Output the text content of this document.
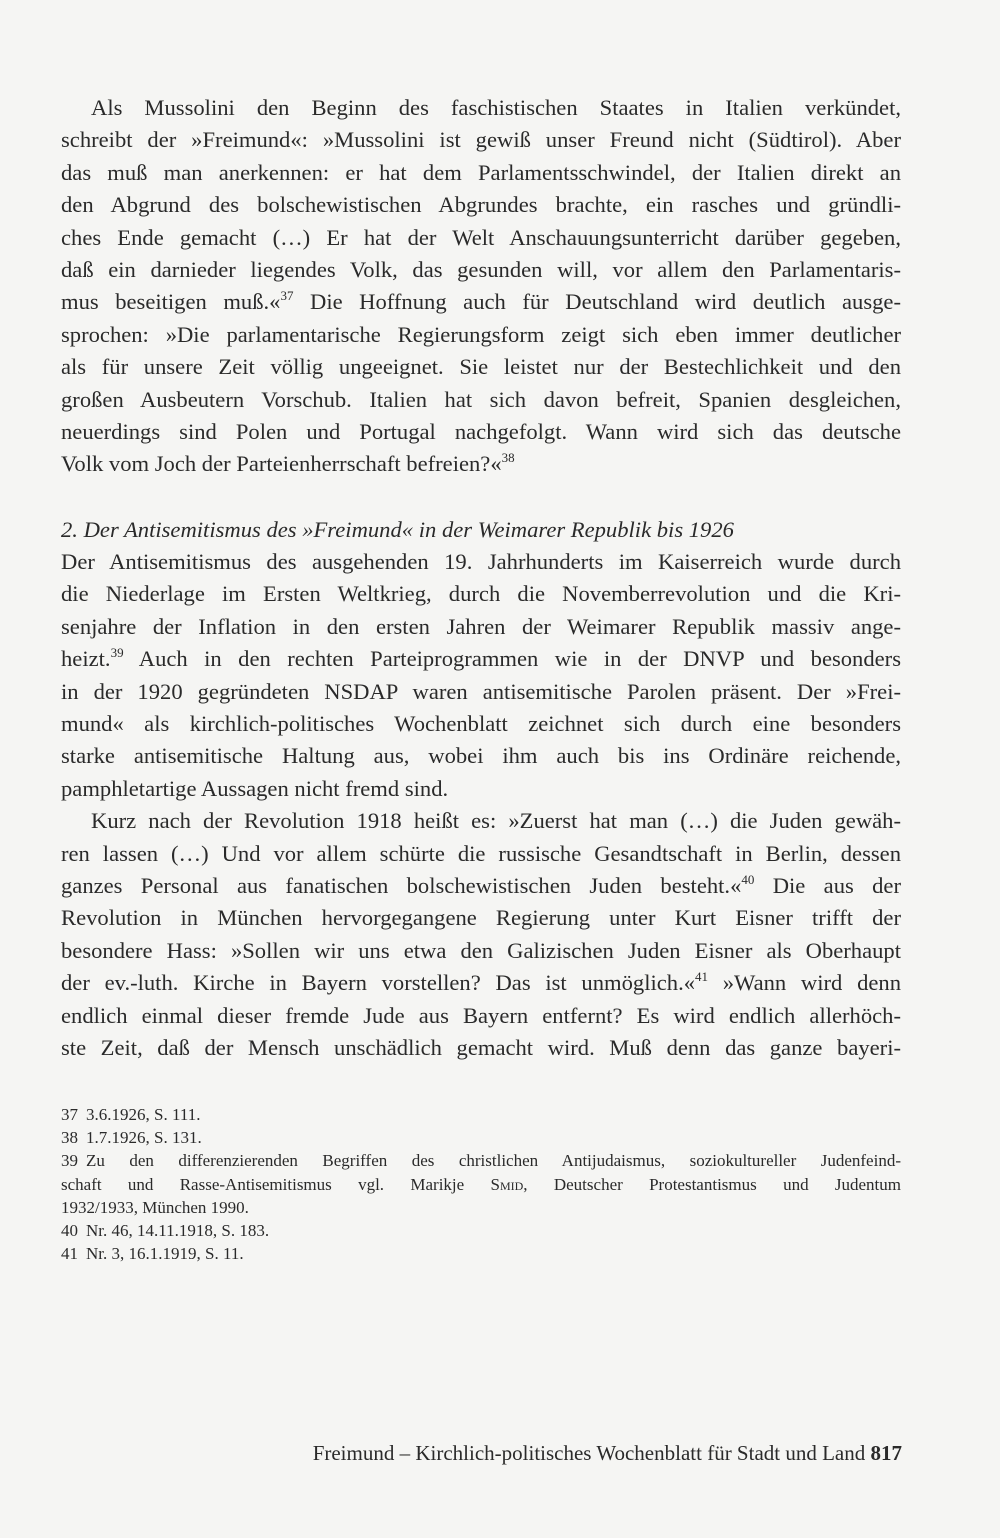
Als Mussolini den Beginn des faschistischen Staates in Italien verkündet,
schreibt der »Freimund«: »Mussolini ist gewiß unser Freund nicht (Südtirol). Aber
das muß man anerkennen: er hat dem Parlamentsschwindel, der Italien direkt an
den Abgrund des bolschewistischen Abgrundes brachte, ein rasches und gründli-
ches Ende gemacht (…) Er hat der Welt Anschauungsunterricht darüber gegeben,
daß ein darnieder liegendes Volk, das gesunden will, vor allem den Parlamentaris-
mus beseitigen muß.«$^{37}$ Die Hoffnung auch für Deutschland wird deutlich ausge-
sprochen: »Die parlamentarische Regierungsform zeigt sich eben immer deutlicher
als für unsere Zeit völlig ungeeignet. Sie leistet nur der Bestechlichkeit und den
großen Ausbeutern Vorschub. Italien hat sich davon befreit, Spanien desgleichen,
neuerdings sind Polen und Portugal nachgefolgt. Wann wird sich das deutsche
Volk vom Joch der Parteienherrschaft befreien?«$^{38}$
2. Der Antisemitismus des »Freimund« in der Weimarer Republik bis 1926
Der Antisemitismus des ausgehenden 19. Jahrhunderts im Kaiserreich wurde durch
die Niederlage im Ersten Weltkrieg, durch die Novemberrevolution und die Kri-
senjahre der Inflation in den ersten Jahren der Weimarer Republik massiv ange-
heizt.$^{39}$ Auch in den rechten Parteiprogrammen wie in der DNVP und besonders
in der 1920 gegründeten NSDAP waren antisemitische Parolen präsent. Der »Frei-
mund« als kirchlich-politisches Wochenblatt zeichnet sich durch eine besonders
starke antisemitische Haltung aus, wobei ihm auch bis ins Ordinäre reichende,
pamphletartige Aussagen nicht fremd sind.
Kurz nach der Revolution 1918 heißt es: »Zuerst hat man (…) die Juden gewäh-
ren lassen (…) Und vor allem schürte die russische Gesandtschaft in Berlin, dessen
ganzes Personal aus fanatischen bolschewistischen Juden besteht.«$^{40}$ Die aus der
Revolution in München hervorgegangene Regierung unter Kurt Eisner trifft der
besondere Hass: »Sollen wir uns etwa den Galizischen Juden Eisner als Oberhaupt
der ev.-luth. Kirche in Bayern vorstellen? Das ist unmöglich.«$^{41}$ »Wann wird denn
endlich einmal dieser fremde Jude aus Bayern entfernt? Es wird endlich allerhöch-
ste Zeit, daß der Mensch unschädlich gemacht wird. Muß denn das ganze bayeri-
37 3.6.1926, S. 111.
38 1.7.1926, S. 131.
39 Zu den differenzierenden Begriffen des christlichen Antijudaismus, soziokultureller Judenfeind-
schaft und Rasse-Antisemitismus vgl. Marikje Smid, Deutscher Protestantismus und Judentum
1932/1933, München 1990.
40 Nr. 46, 14.11.1918, S. 183.
41 Nr. 3, 16.1.1919, S. 11.
Freimund – Kirchlich-politisches Wochenblatt für Stadt und Land 817
